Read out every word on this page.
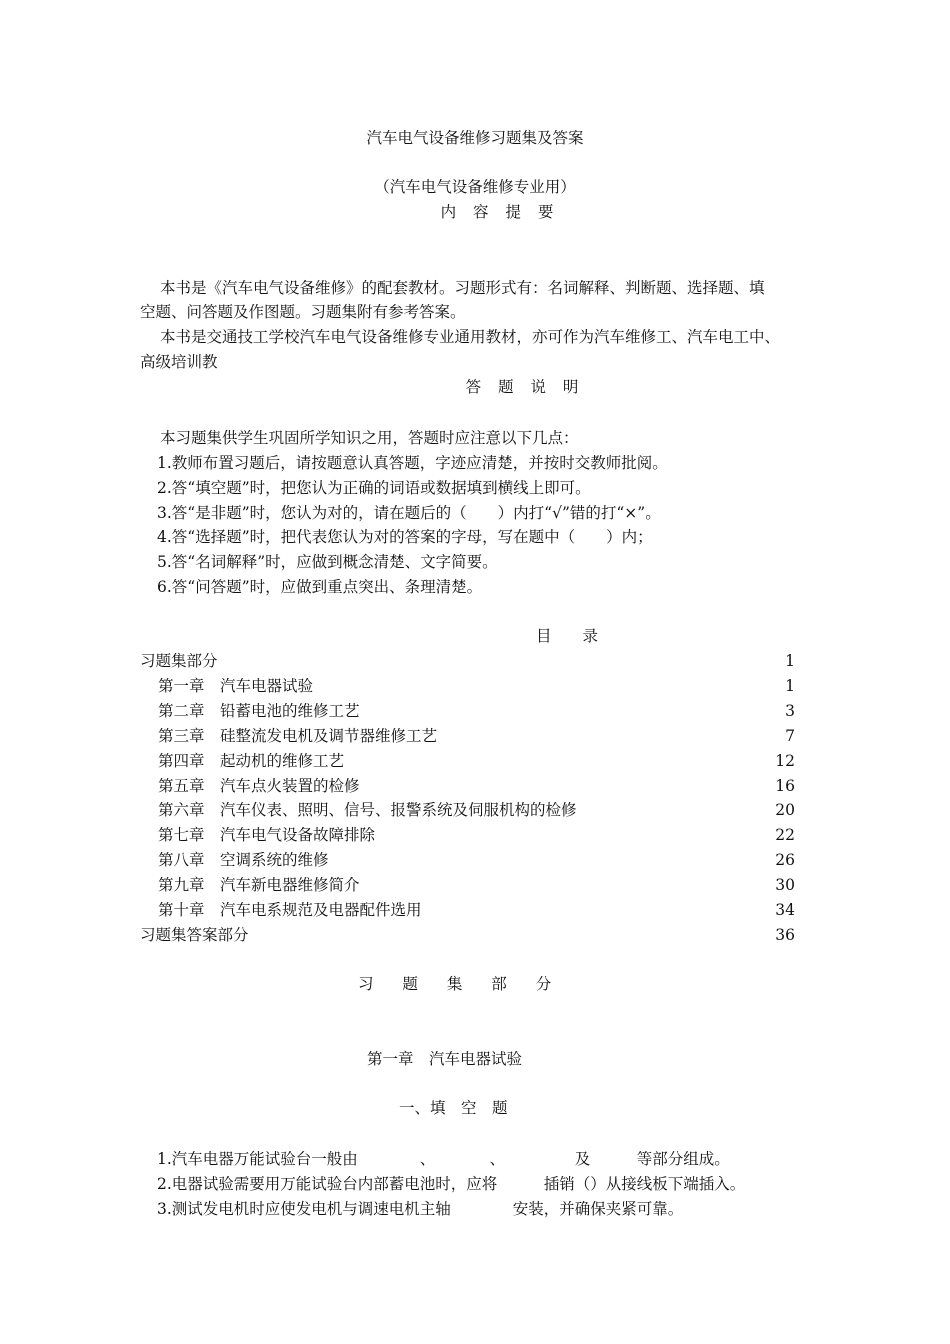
汽车电气设备维修习题集及答案
（汽车电气设备维修专业用）
内 容 提 要
本书是《汽车电气设备维修》的配套教材。习题形式有：名词解释、判断题、选择题、填
空题、问答题及作图题。习题集附有参考答案。
本书是交通技工学校汽车电气设备维修专业通用教材，亦可作为汽车维修工、汽车电工中、
高级培训教
答 题 说 明
本习题集供学生巩固所学知识之用，答题时应注意以下几点：
1.教师布置习题后，请按题意认真答题，字迹应清楚，并按时交教师批阅。
2.答“填空题”时，把您认为正确的词语或数据填到横线上即可。
3.答“是非题”时，您认为对的，请在题后的（　　）内打“√”错的打“×”。
4.答“选择题”时，把代表您认为对的答案的字母，写在题中（　　）内；
5.答“名词解释”时，应做到概念清楚、文字简要。
6.答“问答题”时，应做到重点突出、条理清楚。
目　　录
习题集部分	1
第一章　汽车电器试验	1
第二章　铅蓄电池的维修工艺	3
第三章　硅整流发电机及调节器维修工艺	7
第四章　起动机的维修工艺	12
第五章　汽车点火装置的检修	16
第六章　汽车仪表、照明、信号、报警系统及伺服机构的检修	20
第七章　汽车电气设备故障排除	22
第八章　空调系统的维修	26
第九章　汽车新电器维修简介	30
第十章　汽车电系规范及电器配件选用	34
习题集答案部分	36
习 题 集 部 分
第一章　汽车电器试验
一、填　空　题
1.汽车电器万能试验台一般由　　　　、　　　　、　　　　　及　　　等部分组成。
2.电器试验需要用万能试验台内部蓄电池时，应将　　　插销（）从接线板下端插入。
3.测试发电机时应使发电机与调速电机主轴　　　　安装，并确保夹紧可靠。
